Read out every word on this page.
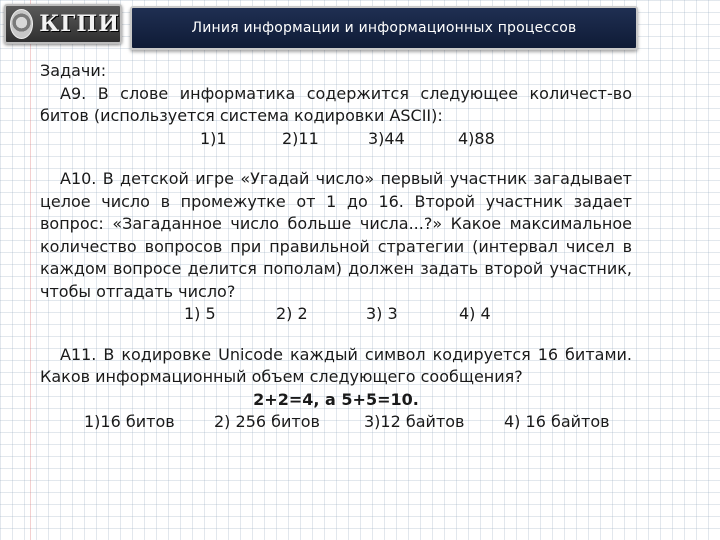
КГПИ	Линия информации и информационных процессов
Задачи:
А9. В слове информатика содержится следующее количест-во битов (используется система кодировки ASCII):
1)1	2)11	3)44	4)88
А10. В детской игре «Угадай число» первый участник загадывает целое число в промежутке от 1 до 16. Второй участник задает вопрос: «Загаданное число больше числа...?» Какое максимальное количество вопросов при правильной стратегии (интервал чисел в каждом вопросе делится пополам) должен задать второй участник, чтобы отгадать число?
1) 5	2) 2	3) 3	4) 4
А11. В кодировке Unicode каждый символ кодируется 16 битами. Каков информационный объем следующего сообщения?
2+2=4, а 5+5=10.
1)16 битов	2) 256 битов	3)12 байтов	4) 16 байтов
